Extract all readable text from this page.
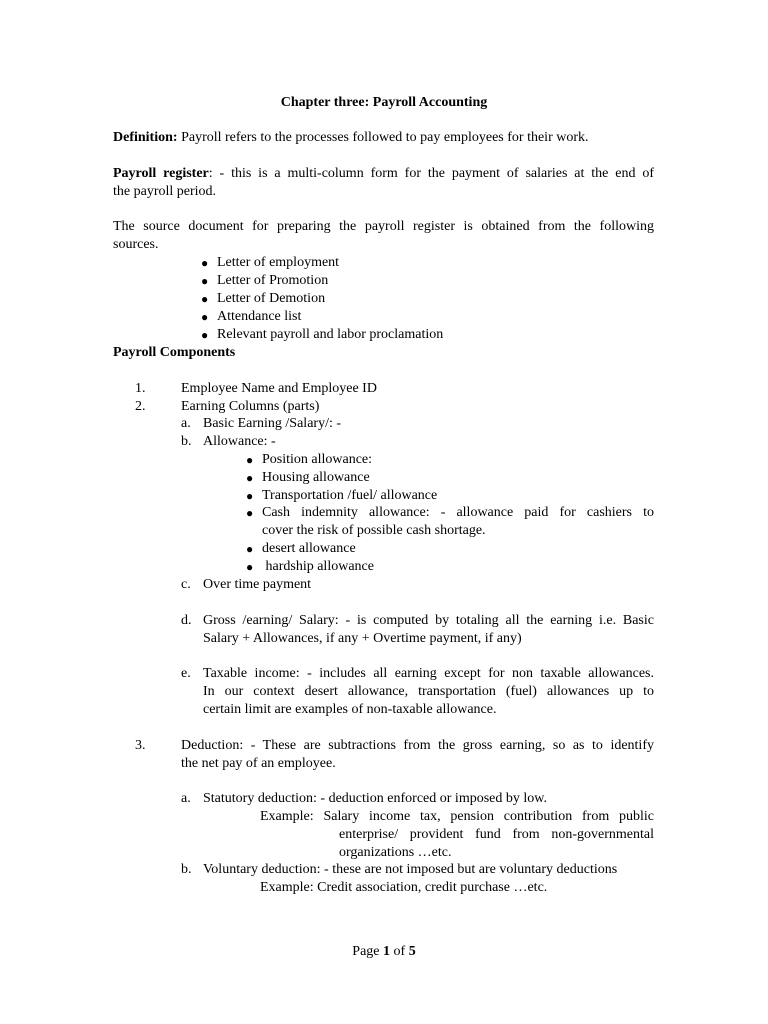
Chapter three: Payroll Accounting
Definition: Payroll refers to the processes followed to pay employees for their work.
Payroll register: - this is a multi-column form for the payment of salaries at the end of
the payroll period.
The source document for preparing the payroll register is obtained from the following
sources.
● Letter of employment
● Letter of Promotion
● Letter of Demotion
● Attendance list
● Relevant payroll and labor proclamation
Payroll Components
1.	Employee Name and Employee ID
2.	Earning Columns (parts)
a. Basic Earning /Salary/: -
b. Allowance: -
● Position allowance:
● Housing allowance
● Transportation /fuel/ allowance
● Cash indemnity allowance: - allowance paid for cashiers to
cover the risk of possible cash shortage.
● desert allowance
● hardship allowance
c. Over time payment
d. Gross /earning/ Salary: - is computed by totaling all the earning i.e. Basic
Salary + Allowances, if any + Overtime payment, if any)
e. Taxable income: - includes all earning except for non taxable allowances.
In our context desert allowance, transportation (fuel) allowances up to
certain limit are examples of non-taxable allowance.
3.	Deduction: - These are subtractions from the gross earning, so as to identify
the net pay of an employee.
a. Statutory deduction: - deduction enforced or imposed by low.
Example: Salary income tax, pension contribution from public
enterprise/ provident fund from non-governmental
organizations …etc.
b. Voluntary deduction: - these are not imposed but are voluntary deductions
Example: Credit association, credit purchase …etc.
Page 1 of 5
